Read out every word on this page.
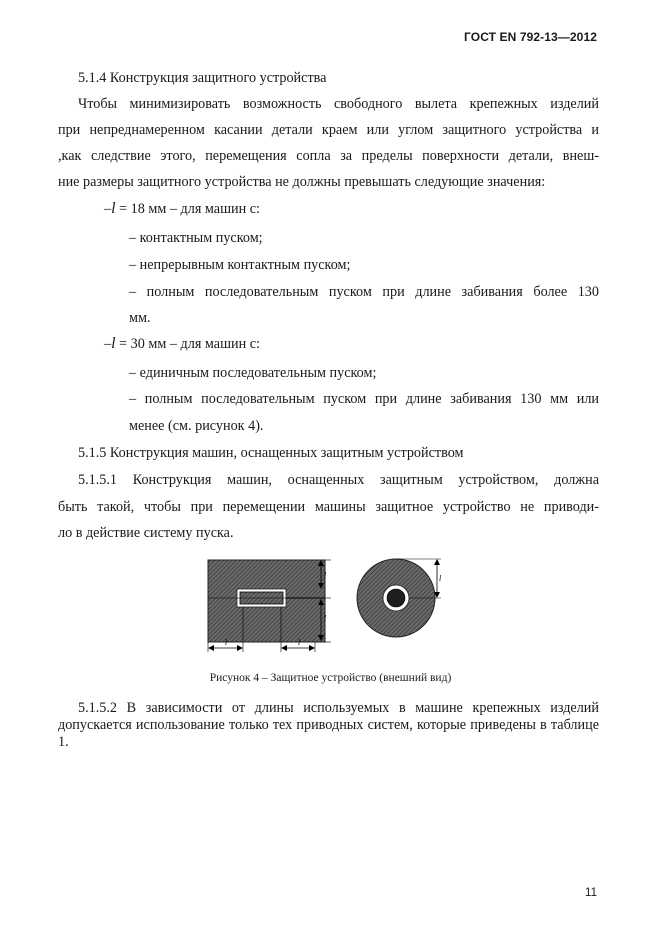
ГОСТ EN 792-13—2012
5.1.4 Конструкция защитного устройства
Чтобы минимизировать возможность свободного вылета крепежных изделий
при непреднамеренном касании детали краем или углом защитного устройства и
,как следствие этого, перемещения сопла за пределы поверхности детали, внеш-
ние размеры защитного устройства не должны превышать следующие значения:
–l = 18 мм – для машин с:
– контактным пуском;
– непрерывным контактным пуском;
– полным последовательным пуском при длине забивания более 130
мм.
–l = 30 мм – для машин с:
– единичным последовательным пуском;
– полным последовательным пуском при длине забивания 130 мм или
менее (см. рисунок 4).
5.1.5 Конструкция машин, оснащенных защитным устройством
5.1.5.1 Конструкция машин, оснащенных защитным устройством, должна
быть такой, чтобы при перемещении машины защитное устройство не приводи-
ло в действие систему пуска.
l
l
l	l
l
Рисунок 4 – Защитное устройство (внешний вид)
5.1.5.2 В зависимости от длины используемых в машине крепежных изделий допускается использование только тех приводных систем, которые приведены в таблице 1.
11
